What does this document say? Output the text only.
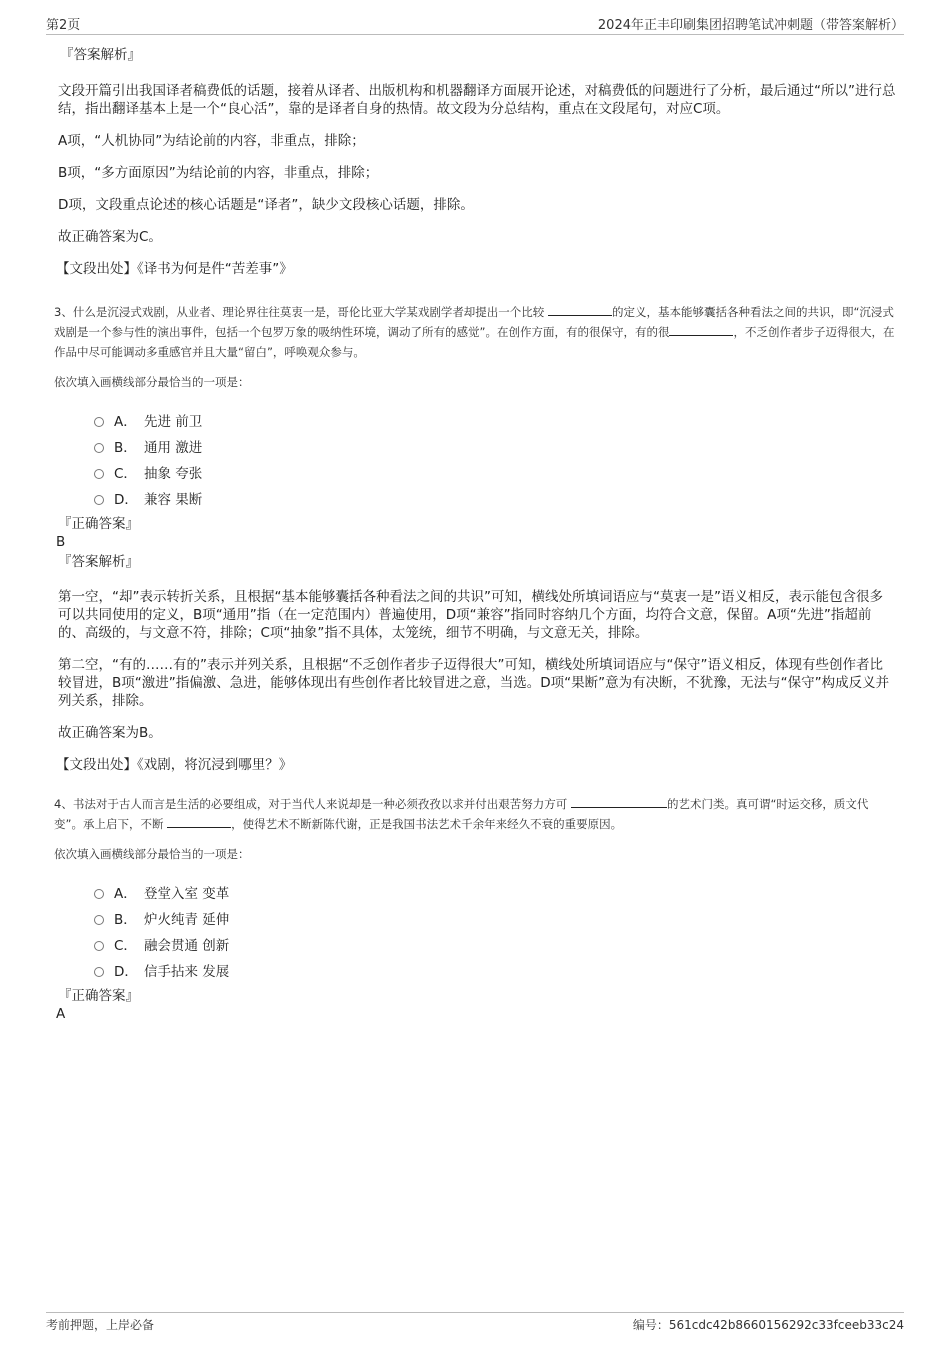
第2页	2024年正丰印刷集团招聘笔试冲刺题（带答案解析）

『答案解析』

文段开篇引出我国译者稿费低的话题，接着从译者、出版机构和机器翻译方面展开论述，对稿费低的问题进行了分析，最后通过“所以”进行总结，指出翻译基本上是一个“良心活”，靠的是译者自身的热情。故文段为分总结构，重点在文段尾句，对应C项。

A项，“人机协同”为结论前的内容，非重点，排除；

B项，“多方面原因”为结论前的内容，非重点，排除；

D项，文段重点论述的核心话题是“译者”，缺少文段核心话题，排除。

故正确答案为C。

【文段出处】《译书为何是件“苦差事”》

3、什么是沉浸式戏剧，从业者、理论界往往莫衷一是，哥伦比亚大学某戏剧学者却提出一个比较	的定义，基本能够囊括各种看法之间的共识，即“沉浸式戏剧是一个参与性的演出事件，包括一个包罗万象的吸纳性环境，调动了所有的感觉”。在创作方面，有的很保守，有的很	，不乏创作者步子迈得很大，在作品中尽可能调动多重感官并且大量“留白”，呼唤观众参与。

依次填入画横线部分最恰当的一项是：

A． 先进 前卫
B． 通用 激进
C． 抽象 夸张
D． 兼容 果断

『正确答案』

B

『答案解析』

第一空，“却”表示转折关系，且根据“基本能够囊括各种看法之间的共识”可知，横线处所填词语应与“莫衷一是”语义相反，表示能包含很多可以共同使用的定义，B项“通用”指（在一定范围内）普遍使用，D项“兼容”指同时容纳几个方面，均符合文意，保留。A项“先进”指超前的、高级的，与文意不符，排除；C项“抽象”指不具体，太笼统，细节不明确，与文意无关，排除。

第二空，“有的……有的”表示并列关系，且根据“不乏创作者步子迈得很大”可知，横线处所填词语应与“保守”语义相反，体现有些创作者比较冒进，B项“激进”指偏激、急进，能够体现出有些创作者比较冒进之意，当选。D项“果断”意为有决断，不犹豫，无法与“保守”构成反义并列关系，排除。

故正确答案为B。

【文段出处】《戏剧，将沉浸到哪里？》

4、书法对于古人而言是生活的必要组成，对于当代人来说却是一种必须孜孜以求并付出艰苦努力方可	的艺术门类。真可谓“时运交移，质文代变”。承上启下，不断	，使得艺术不断新陈代谢，正是我国书法艺术千余年来经久不衰的重要原因。

依次填入画横线部分最恰当的一项是：

A． 登堂入室 变革
B． 炉火纯青 延伸
C． 融会贯通 创新
D． 信手拈来 发展

『正确答案』

A

考前押题，上岸必备	编号：561cdc42b8660156292c33fceeb33c24
